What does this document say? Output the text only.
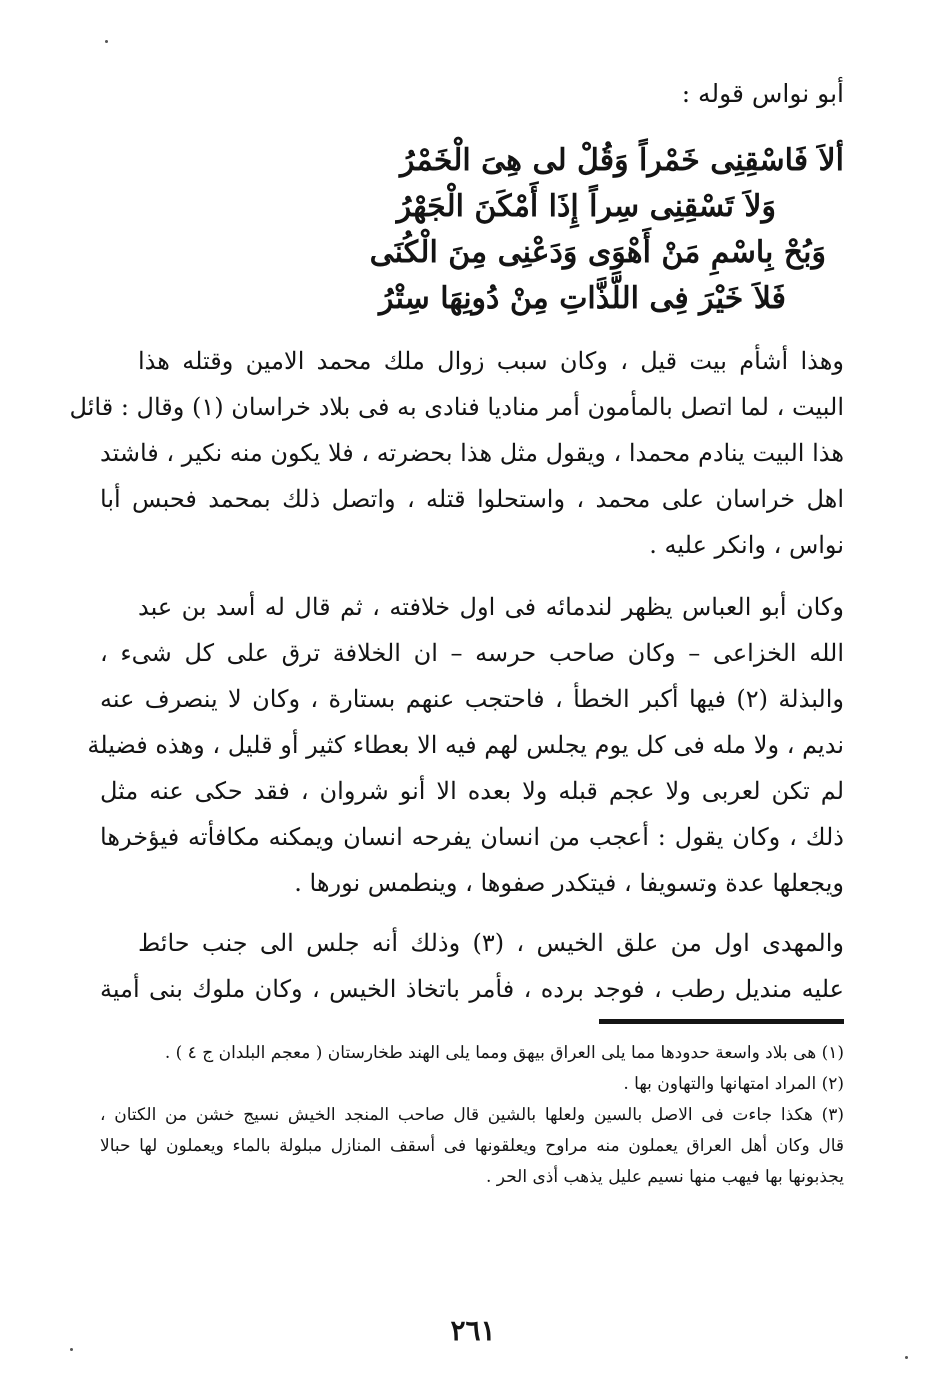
أبو نواس قوله :
ألاَ فَاسْقِنِى خَمْراً وَقُلْ لى هِىَ الْخَمْرُ
وَلاَ تَسْقِنِى سِراً إِذَا أَمْكَنَ الْجَهْرُ
وَبُحْ بِاسْمِ مَنْ أَهْوَى وَدَعْنِى مِنَ الْكُنَى
فَلاَ خَيْرَ فِى اللَّذَّاتِ مِنْ دُونِهَا سِتْرُ
وهذا أشأم بيت قيل ، وكان سبب زوال ملك محمد الامين وقتله هذا
البيت ، لما اتصل بالمأمون أمر مناديا فنادى به فى بلاد خراسان (١) وقال : قائل
هذا البيت ينادم محمدا ، ويقول مثل هذا بحضرته ، فلا يكون منه نكير ، فاشتد
اهل خراسان على محمد ، واستحلوا قتله ، واتصل ذلك بمحمد فحبس أبا
نواس ، وانكر عليه .
وكان أبو العباس يظهر لندمائه فى اول خلافته ، ثم قال له أسد بن عبد
الله الخزاعى – وكان صاحب حرسه – ان الخلافة ترق على كل شىء ،
والبذلة (٢) فيها أكبر الخطأ ، فاحتجب عنهم بستارة ، وكان لا ينصرف عنه
نديم ، ولا مله فى كل يوم يجلس لهم فيه الا بعطاء كثير أو قليل ، وهذه فضيلة
لم تكن لعربى ولا عجم قبله ولا بعده الا أنو شروان ، فقد حكى عنه مثل
ذلك ، وكان يقول : أعجب من انسان يفرحه انسان ويمكنه مكافأته فيؤخرها
ويجعلها عدة وتسويفا ، فيتكدر صفوها ، وينطمس نورها .
والمهدى اول من علق الخيس ، (٣) وذلك أنه جلس الى جنب حائط
عليه منديل رطب ، فوجد برده ، فأمر باتخاذ الخيس ، وكان ملوك بنى أمية
(١) هى بلاد واسعة حدودها مما يلى العراق بيهق ومما يلى الهند طخارستان ( معجم البلدان ج ٤ ) .
(٢) المراد امتهانها والتهاون بها .
(٣) هكذا جاءت فى الاصل بالسين ولعلها بالشين قال صاحب المنجد الخيش نسيج خشن من الكتان ،
قال وكان أهل العراق يعملون منه مراوح ويعلقونها فى أسقف المنازل مبلولة بالماء ويعملون لها حبالا
يجذبونها بها فيهب منها نسيم عليل يذهب أذى الحر .
٢٦١
